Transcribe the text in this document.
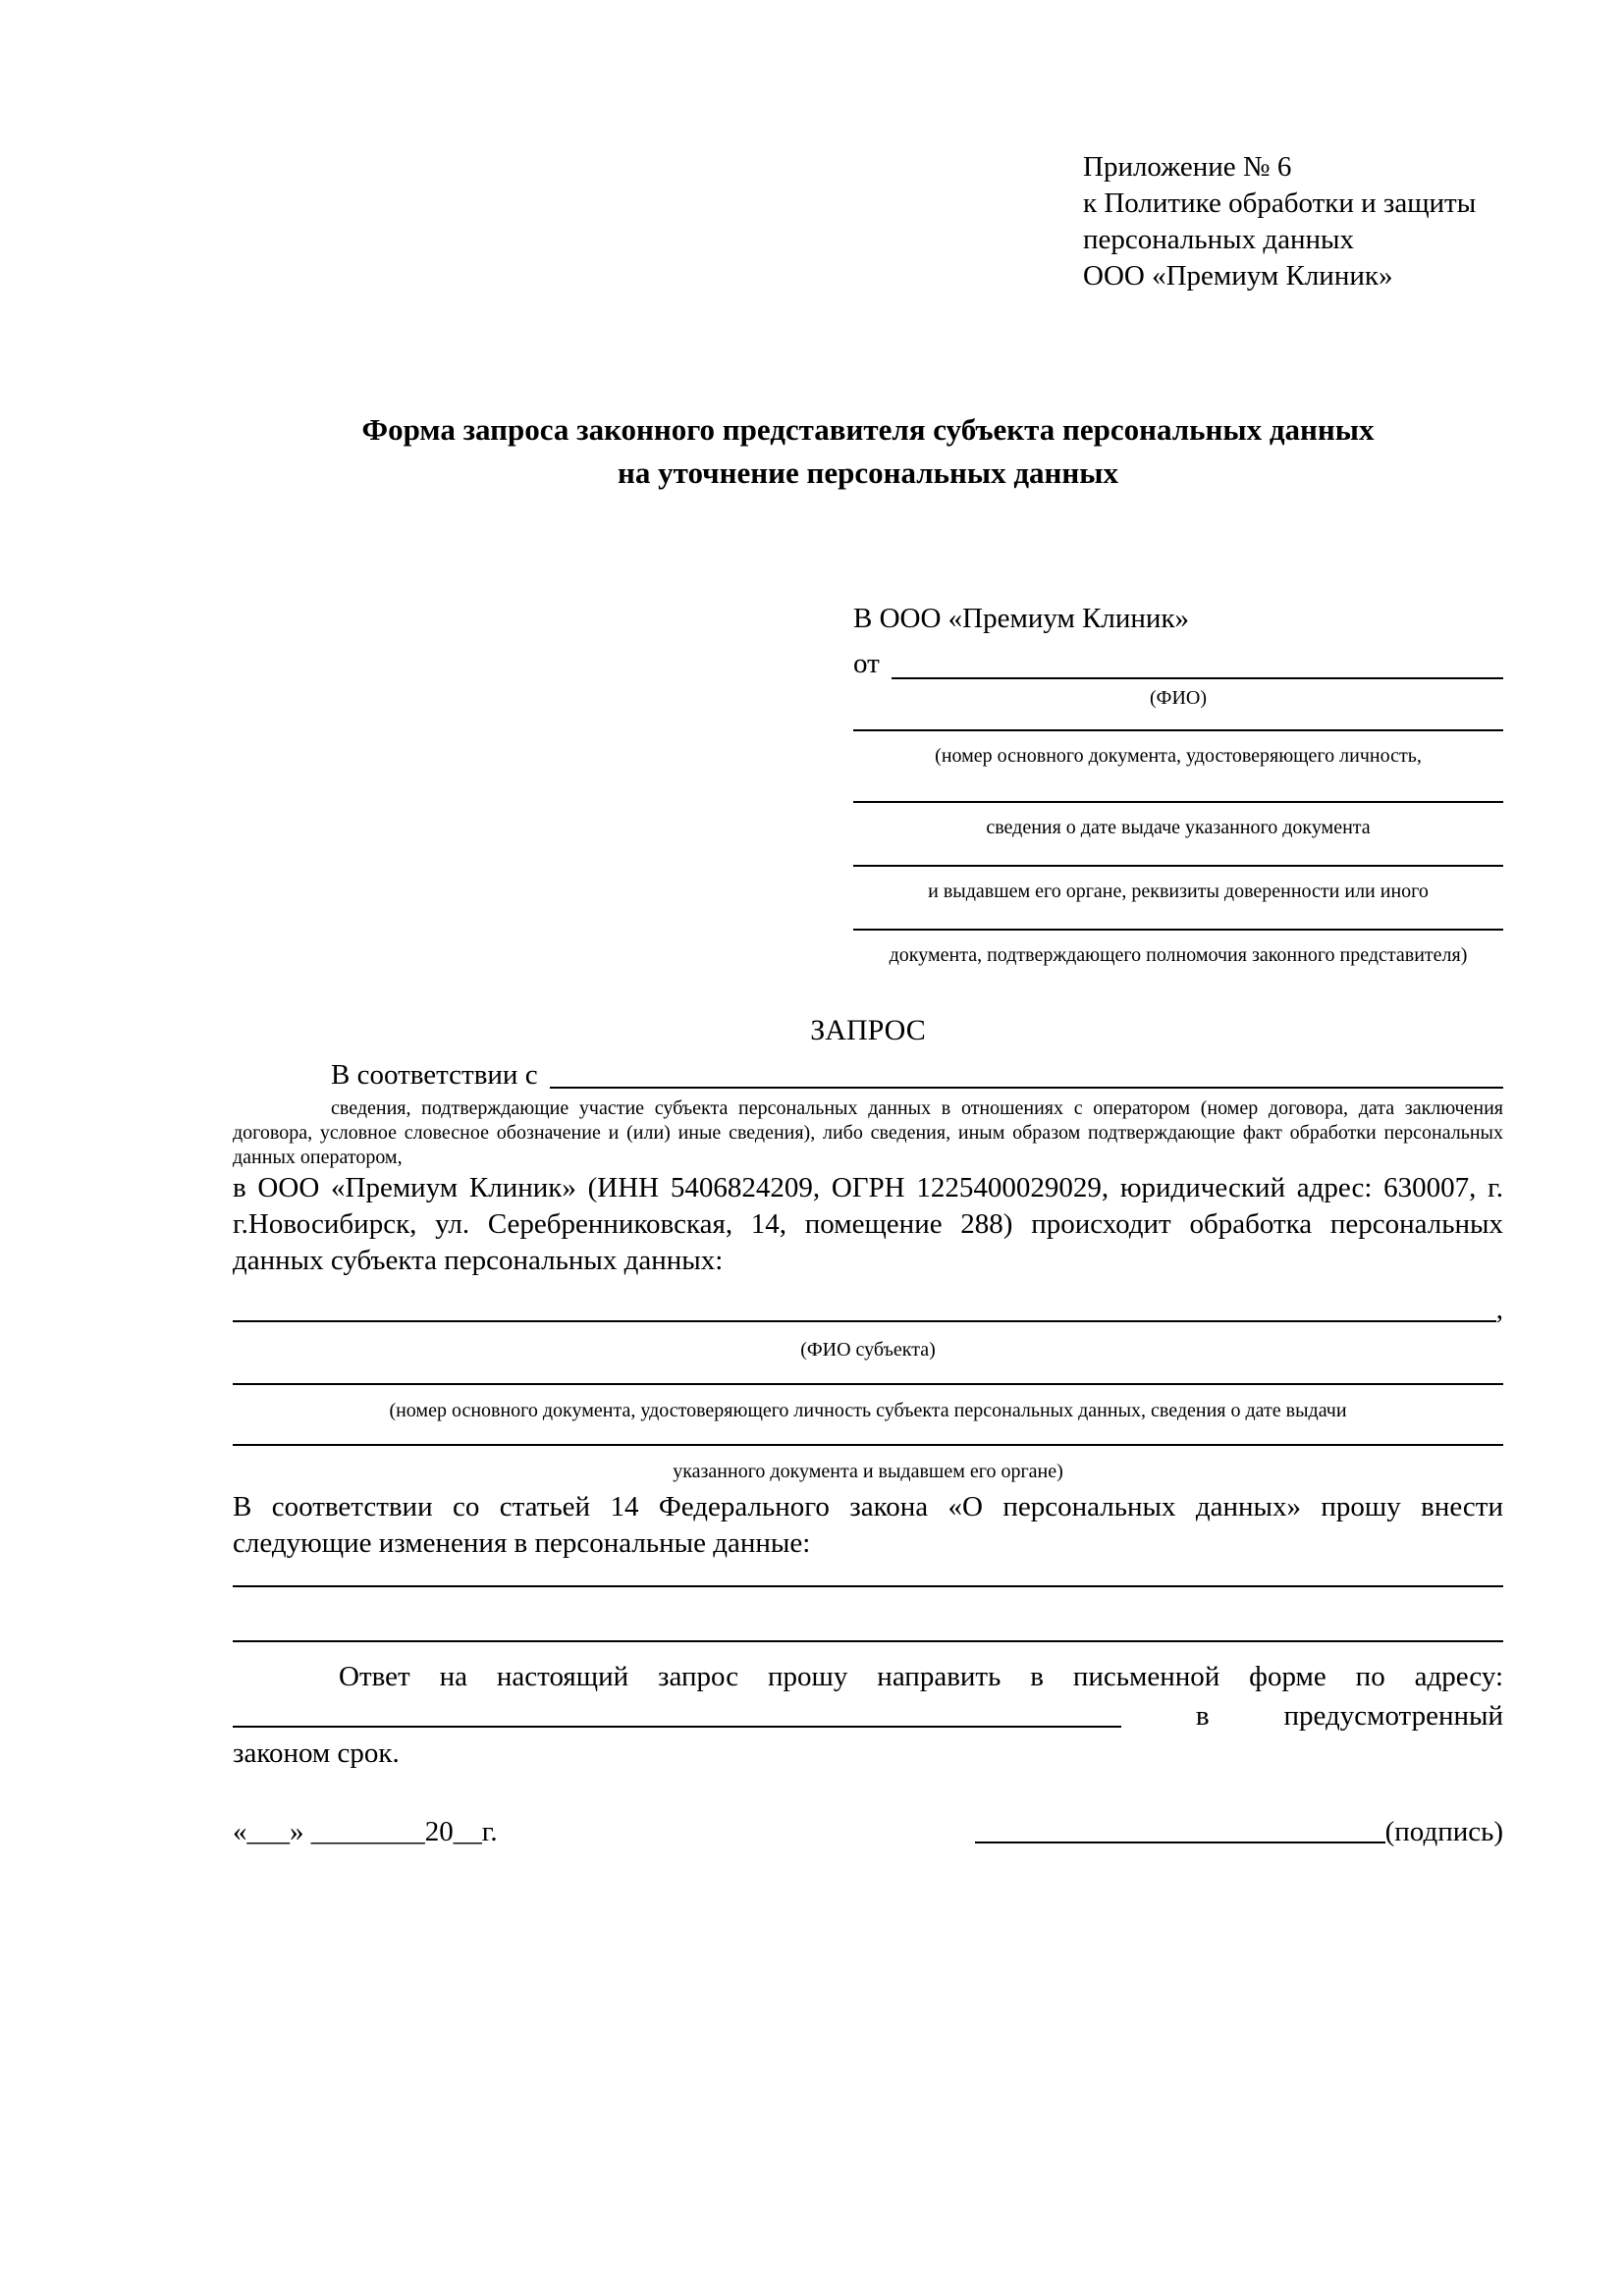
Приложение № 6
к Политике обработки и защиты
персональных данных
ООО «Премиум Клиник»
Форма запроса законного представителя субъекта персональных данных
на уточнение персональных данных
В ООО «Премиум Клиник»
от
(ФИО)
(номер основного документа, удостоверяющего личность,
сведения о дате выдаче указанного документа
и выдавшем его органе, реквизиты доверенности или иного
документа, подтверждающего полномочия законного представителя)
ЗАПРОС
В соответствии с

сведения, подтверждающие участие субъекта персональных данных в отношениях с оператором (номер договора, дата заключения договора, условное словесное обозначение и (или) иные сведения), либо сведения, иным образом подтверждающие факт обработки персональных данных оператором,

в ООО «Премиум Клиник» (ИНН 5406824209, ОГРН 1225400029029, юридический адрес: 630007, г. г.Новосибирск, ул. Серебренниковская, 14, помещение 288) происходит обработка персональных данных субъекта персональных данных:

,
(ФИО субъекта)
(номер основного документа, удостоверяющего личность субъекта персональных данных, сведения о дате выдачи
указанного документа и выдавшем его органе)

В соответствии со статьей 14 Федерального закона «О персональных данных» прошу внести следующие изменения в персональные данные:

Ответ на настоящий запрос прошу направить в письменной форме по адресу:

в	предусмотренный

законом срок.

«___» ________20__г.	(подпись)
